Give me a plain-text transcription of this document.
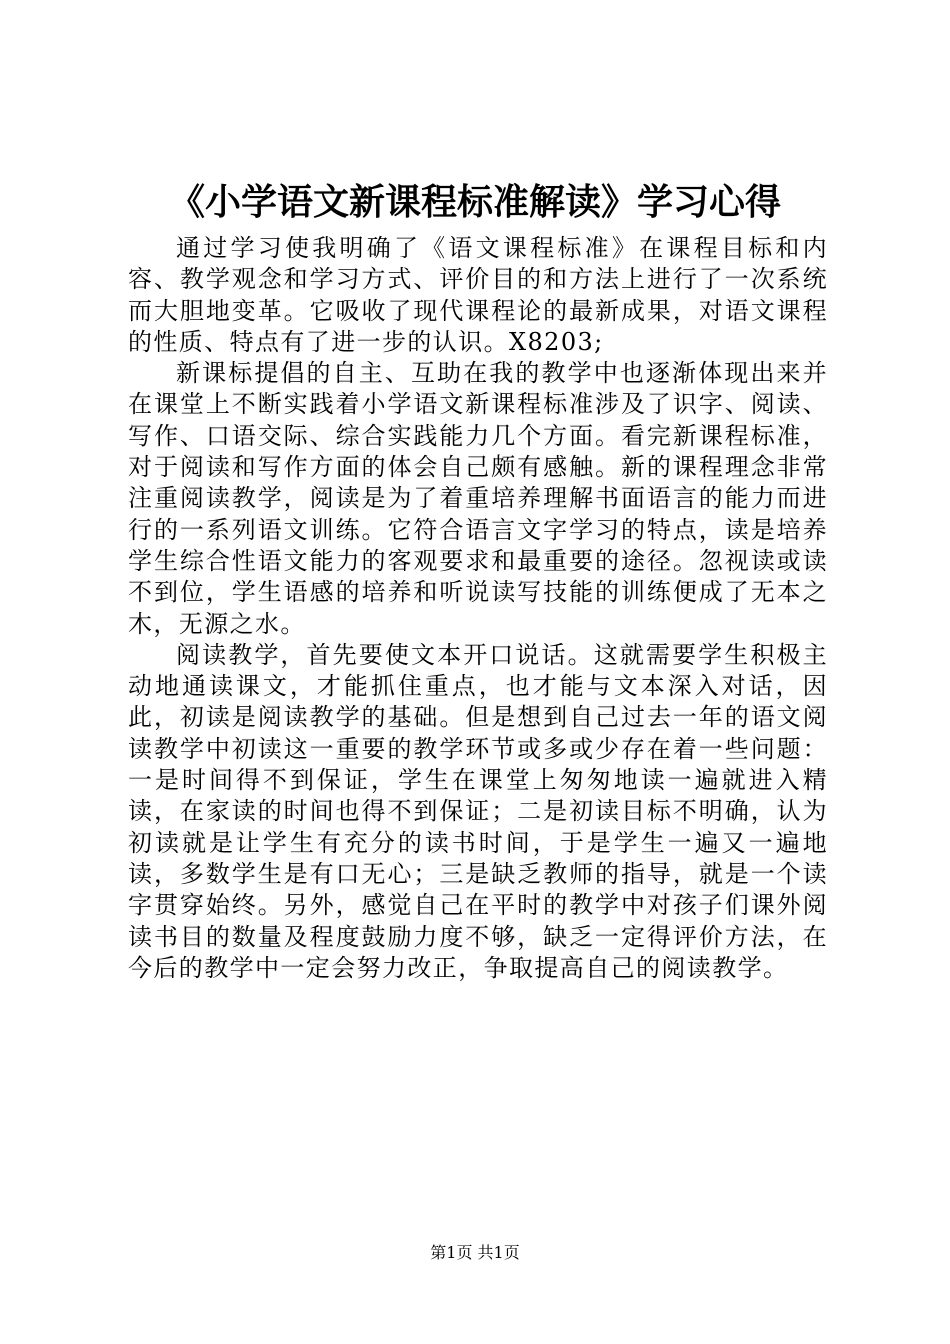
《小学语文新课程标准解读》学习心得

通过学习使我明确了《语文课程标准》在课程目标和内容、教学观念和学习方式、评价目的和方法上进行了一次系统而大胆地变革。它吸收了现代课程论的最新成果，对语文课程的性质、特点有了进一步的认识。X8203;

新课标提倡的自主、互助在我的教学中也逐渐体现出来并在课堂上不断实践着小学语文新课程标准涉及了识字、阅读、写作、口语交际、综合实践能力几个方面。看完新课程标准，对于阅读和写作方面的体会自己颇有感触。新的课程理念非常注重阅读教学，阅读是为了着重培养理解书面语言的能力而进行的一系列语文训练。它符合语言文字学习的特点，读是培养学生综合性语文能力的客观要求和最重要的途径。忽视读或读不到位，学生语感的培养和听说读写技能的训练便成了无本之木，无源之水。

阅读教学，首先要使文本开口说话。这就需要学生积极主动地通读课文，才能抓住重点，也才能与文本深入对话，因此，初读是阅读教学的基础。但是想到自己过去一年的语文阅读教学中初读这一重要的教学环节或多或少存在着一些问题：一是时间得不到保证，学生在课堂上匆匆地读一遍就进入精读，在家读的时间也得不到保证；二是初读目标不明确，认为初读就是让学生有充分的读书时间，于是学生一遍又一遍地读，多数学生是有口无心；三是缺乏教师的指导，就是一个读字贯穿始终。另外，感觉自己在平时的教学中对孩子们课外阅读书目的数量及程度鼓励力度不够，缺乏一定得评价方法，在今后的教学中一定会努力改正，争取提高自己的阅读教学。

第1页 共1页
